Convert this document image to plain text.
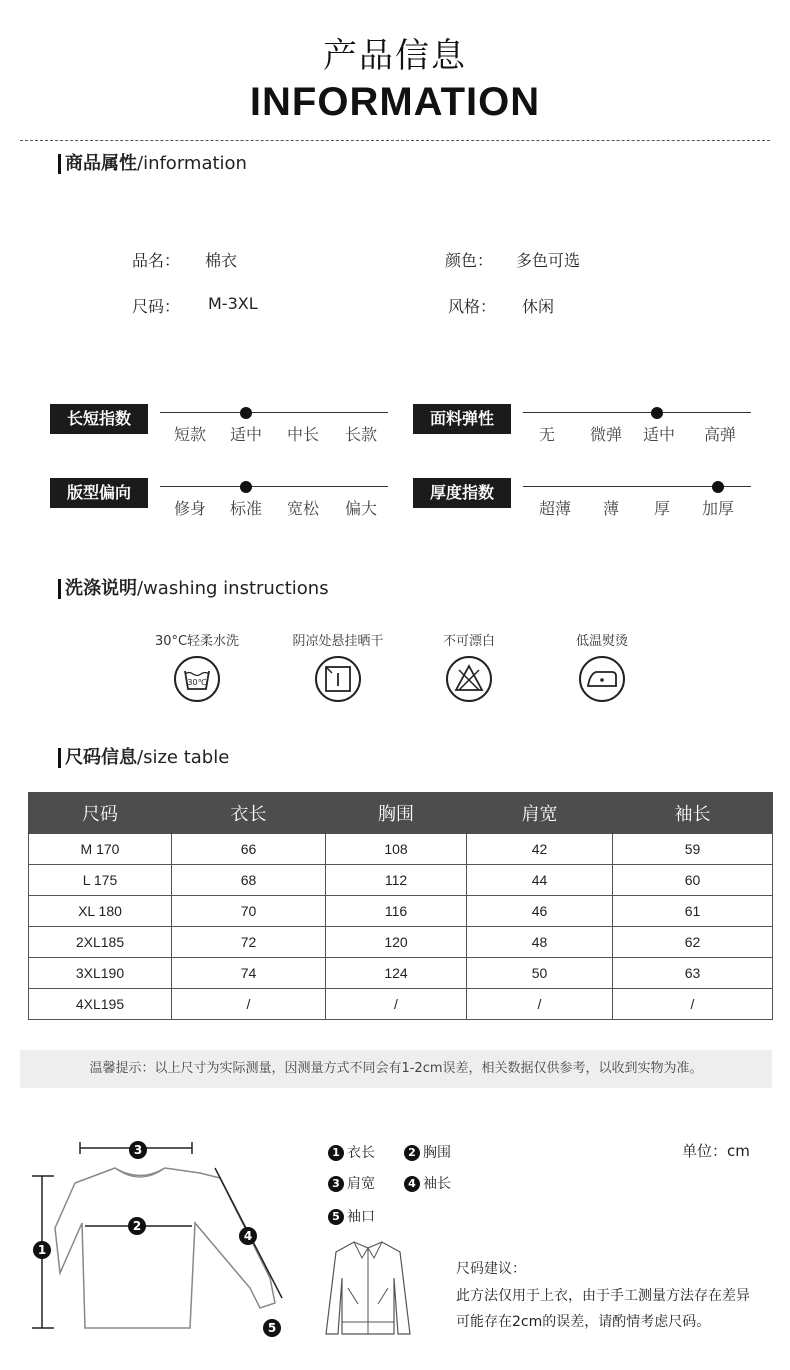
产品信息
INFORMATION
商品属性/information
品名： 棉衣	颜色： 多色可选
尺码： M-3XL	风格： 休闲
长短指数
短款	适中	中长	长款
面料弹性
无	微弹	适中	高弹
版型偏向
修身	标准	宽松	偏大
厚度指数
超薄	薄	厚	加厚
洗涤说明/washing instructions
30°C轻柔水洗	阴凉处悬挂晒干	不可漂白	低温熨烫
30℃
尺码信息/size table
尺码	衣长	胸围	肩宽	袖长
M 170	66	108	42	59
L 175	68	112	44	60
XL 180	70	116	46	61
2XL185	72	120	48	62
3XL190	74	124	50	63
4XL195	/	/	/	/
温馨提示：以上尺寸为实际测量，因测量方式不同会有1-2cm误差，相关数据仅供参考，以收到实物为准。
3
2
1
4
5
1 衣长	2 胸围
3 肩宽	4 袖长
5 袖口
单位：cm
尺码建议：
此方法仅用于上衣，由于手工测量方法存在差异
可能存在2cm的误差，请酌情考虑尺码。
